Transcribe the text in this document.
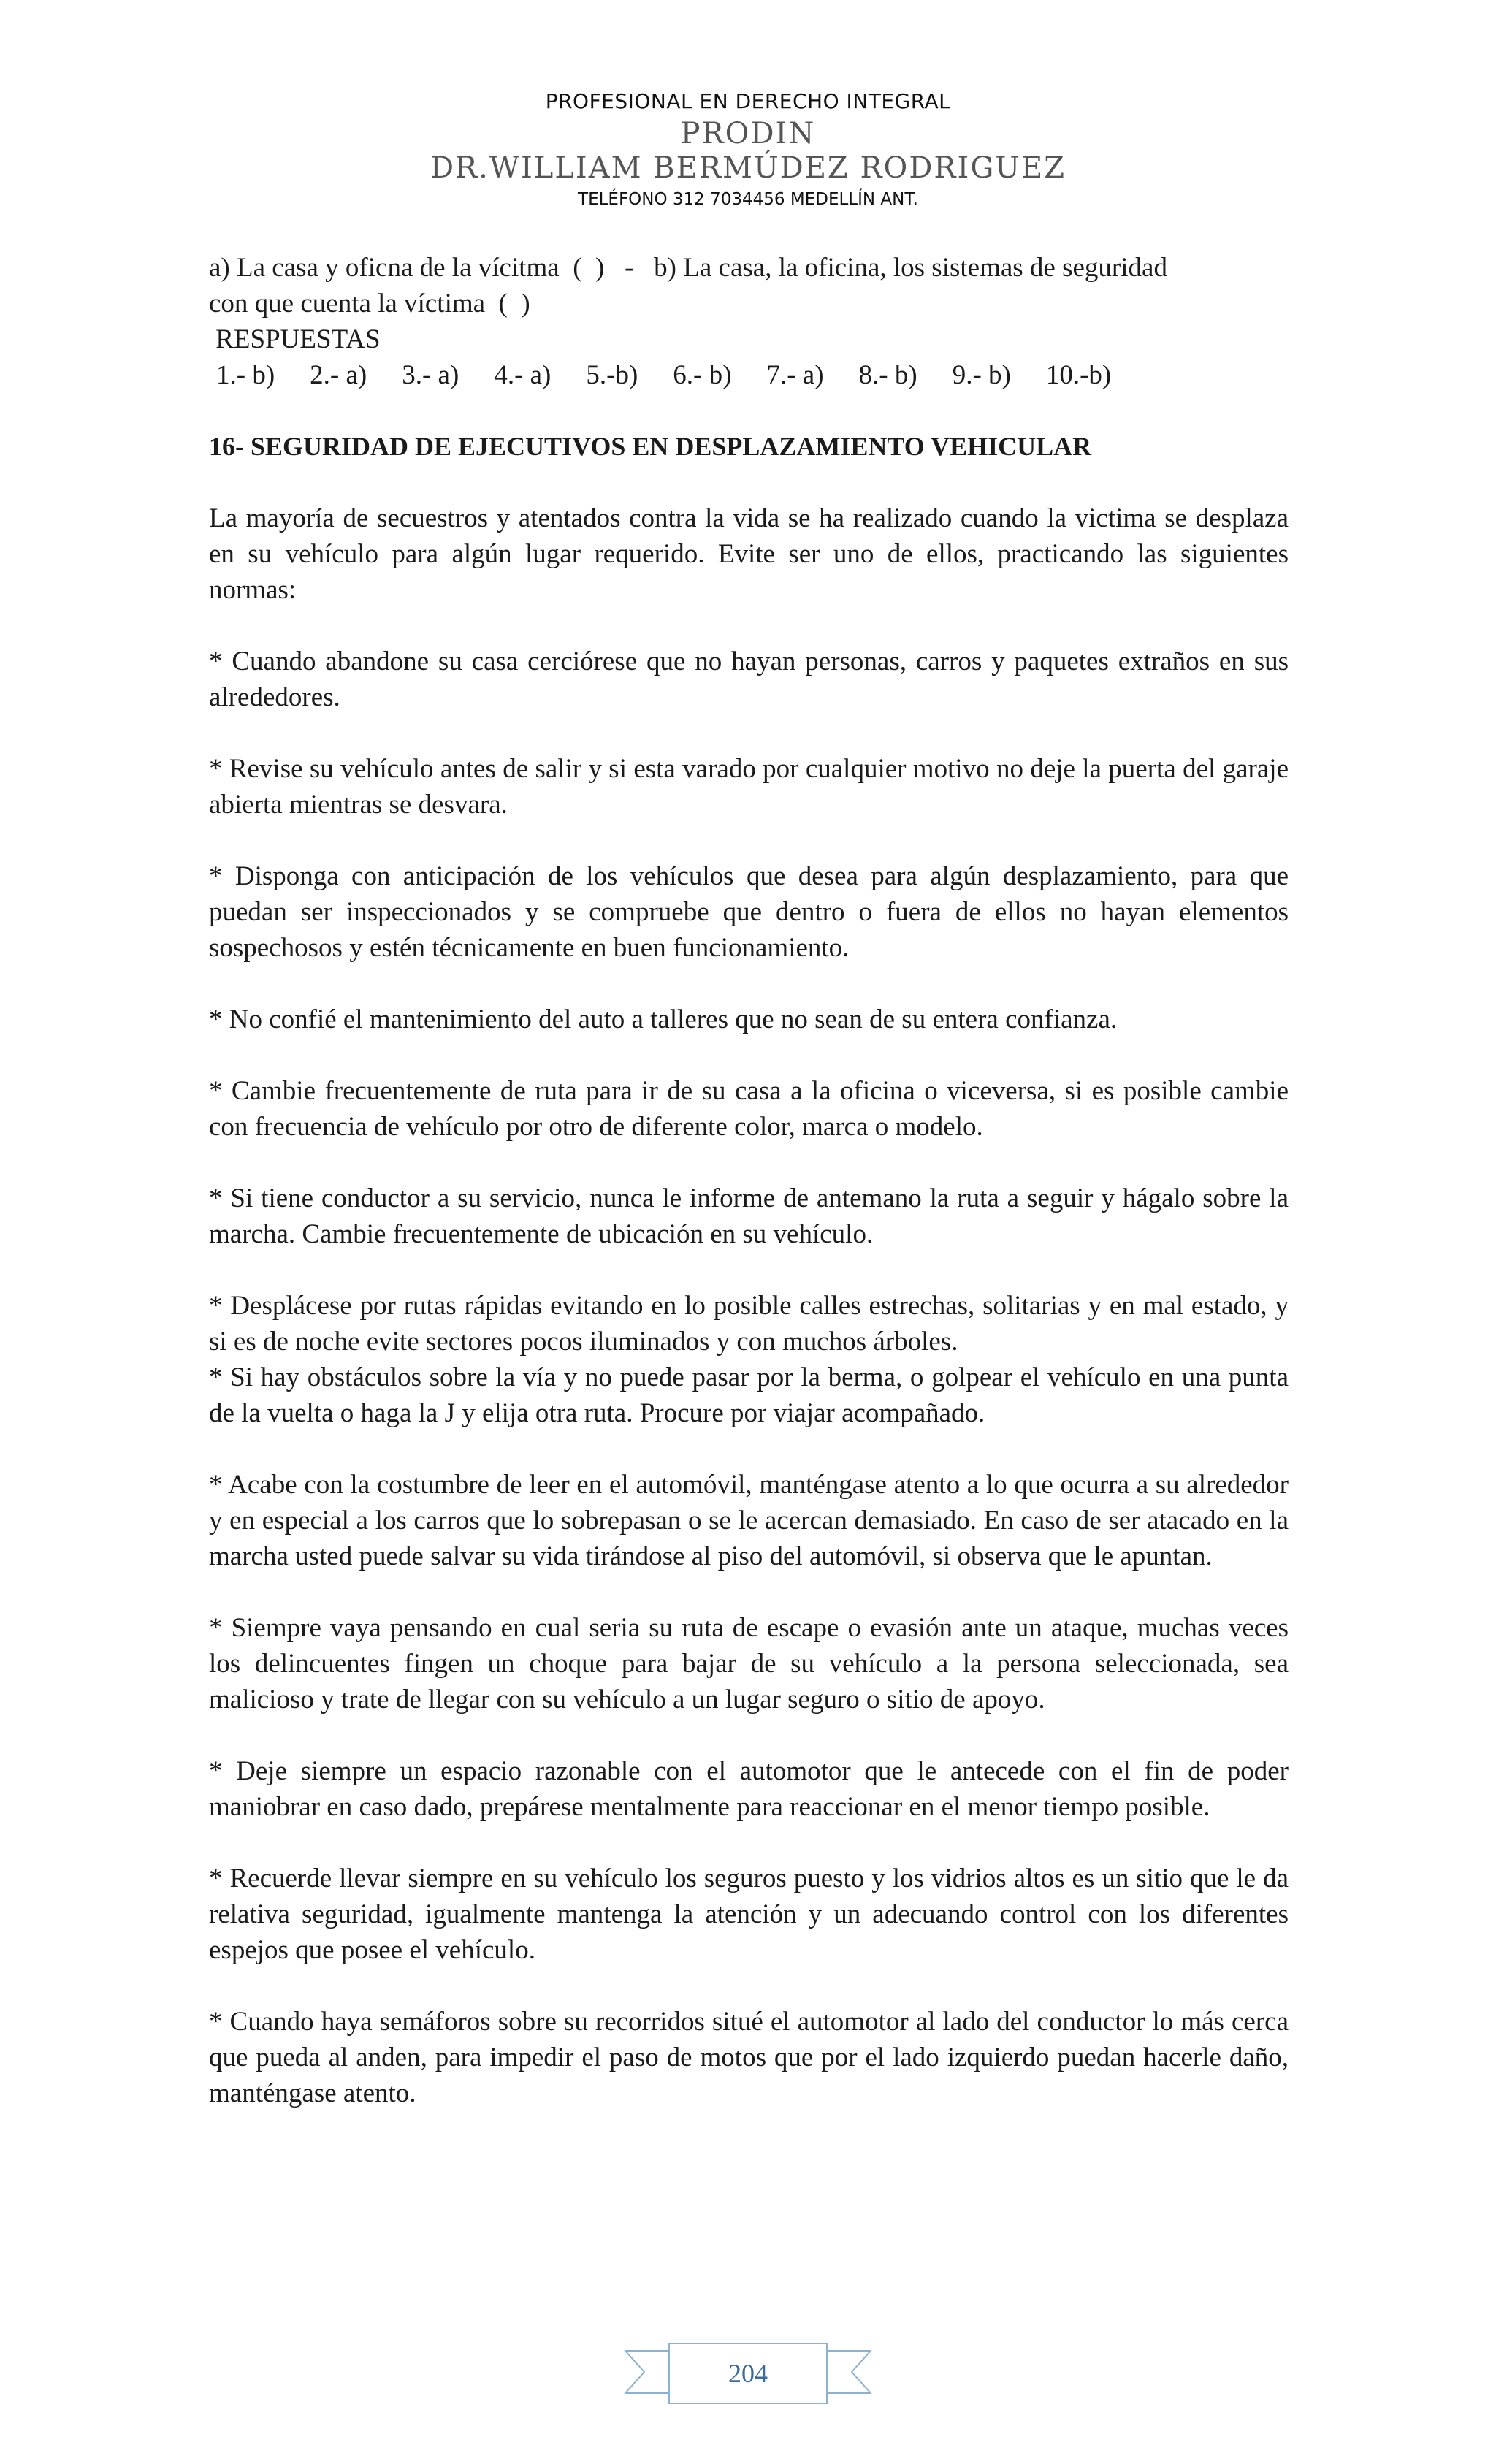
PROFESIONAL EN DERECHO INTEGRAL
PRODIN
DR.WILLIAM BERMÚDEZ RODRIGUEZ
TELÉFONO 312 7034456 MEDELLÍN ANT.

a) La casa y oficna de la vícitma  (  )   -   b) La casa, la oficina, los sistemas de seguridad

con que cuenta la víctima  (  )

RESPUESTAS

1.- b) 2.- a) 3.- a) 4.- a) 5.-b) 6.- b) 7.- a) 8.- b) 9.- b) 10.-b)

16- SEGURIDAD DE EJECUTIVOS EN DESPLAZAMIENTO VEHICULAR

La mayoría de secuestros y atentados contra la vida se ha realizado cuando la victima se desplaza en su vehículo para algún lugar requerido. Evite ser uno de ellos, practicando las siguientes normas:

* Cuando abandone su casa cerciórese que no hayan personas, carros y paquetes extraños en sus alrededores.

* Revise su vehículo antes de salir y si esta varado por cualquier motivo no deje la puerta del garaje abierta mientras se desvara.

* Disponga con anticipación de los vehículos que desea para algún desplazamiento, para que puedan ser inspeccionados y se compruebe que dentro o fuera de ellos no hayan elementos sospechosos y estén técnicamente en buen funcionamiento.

* No confié el mantenimiento del auto a talleres que no sean de su entera confianza.

* Cambie frecuentemente de ruta para ir de su casa a la oficina o viceversa, si es posible cambie con frecuencia de vehículo por otro de diferente color, marca o modelo.

* Si tiene conductor a su servicio, nunca le informe de antemano la ruta a seguir y hágalo sobre la marcha. Cambie frecuentemente de ubicación en su vehículo.

* Desplácese por rutas rápidas evitando en lo posible calles estrechas, solitarias y en mal estado, y si es de noche evite sectores pocos iluminados y con muchos árboles.

* Si hay obstáculos sobre la vía y no puede pasar por la berma, o golpear el vehículo en una punta de la vuelta o haga la J y elija otra ruta. Procure por viajar acompañado.

* Acabe con la costumbre de leer en el automóvil, manténgase atento a lo que ocurra a su alrededor y en especial a los carros que lo sobrepasan o se le acercan demasiado. En caso de ser atacado en la marcha usted puede salvar su vida tirándose al piso del automóvil, si observa que le apuntan.

* Siempre vaya pensando en cual seria su ruta de escape o evasión ante un ataque, muchas veces los delincuentes fingen un choque para bajar de su vehículo a la persona seleccionada, sea malicioso y trate de llegar con su vehículo a un lugar seguro o sitio de apoyo.

* Deje siempre un espacio razonable con el automotor que le antecede con el fin de poder maniobrar en caso dado, prepárese mentalmente para reaccionar en el menor tiempo posible.

* Recuerde llevar siempre en su vehículo los seguros puesto y los vidrios altos es un sitio que le da relativa seguridad, igualmente mantenga la atención y un adecuando control con los diferentes espejos que posee el vehículo.

* Cuando haya semáforos sobre su recorridos situé el automotor al lado del conductor lo más cerca que pueda al anden, para impedir el paso de motos que por el lado izquierdo puedan hacerle daño, manténgase atento.

204
